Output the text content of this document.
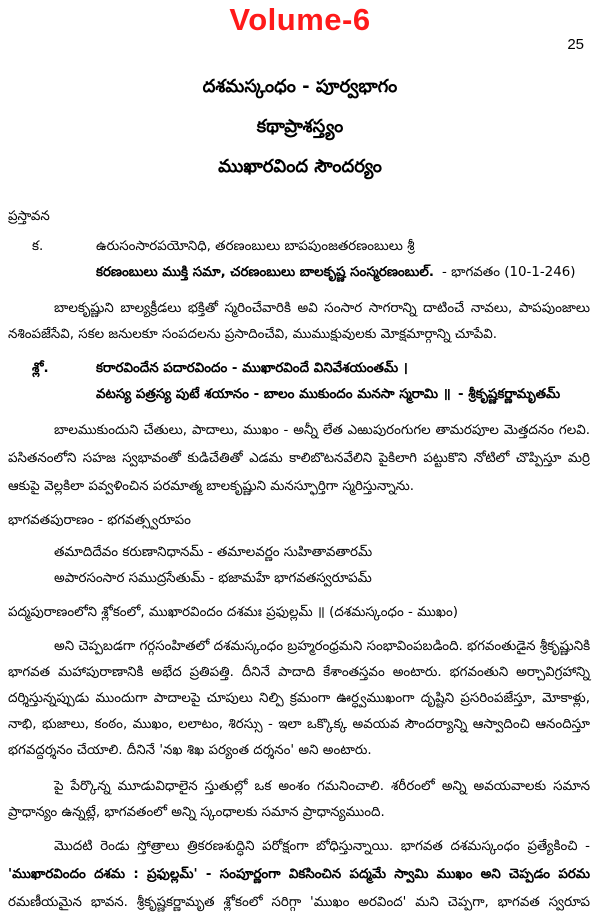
Volume-6
25
దశమస్కంధం - పూర్వభాగం
కథాప్రాశస్త్యం
ముఖారవింద సౌందర్యం
ప్రస్తావన
క.	ఉరుసంసారపయోనిధి, తరణంబులు బాపపుంజతరణంబులు శ్రీ
కరణంబులు ముక్తి సమా, చరణంబులు బాలకృష్ణ సంస్మరణంబుల్. - భాగవతం (10-1-246)
బాలకృష్ణుని బాల్యక్రీడలు భక్తితో స్మరించేవారికి అవి సంసార సాగరాన్ని దాటించే నావలు, పాపపుంజాలు
నశింపజేసేవి, సకల జనులకూ సంపదలను ప్రసాదించేవి, ముముక్షువులకు మోక్షమార్గాన్ని చూపేవి.
శ్లో.	కరారవిందేన పదారవిందం - ముఖారవిందే వినివేశయంతమ్ ।
వటస్య పత్రస్య పుటే శయానం - బాలం ముకుందం మనసా స్మరామి ॥ - శ్రీకృష్ణకర్ణామృతమ్
బాలముకుందుని చేతులు, పాదాలు, ముఖం - అన్నీ లేత ఎఱుపురంగుగల తామరపూల మెత్తదనం గలవి.
పసితనంలోని సహజ స్వభావంతో కుడిచేతితో ఎడమ కాలిబొటనవేలిని పైకిలాగి పట్టుకొని నోటిలో చొప్పిస్తూ మర్రి
ఆకుపై వెల్లకిలా పవ్వళించిన పరమాత్మ బాలకృష్ణుని మనస్ఫూర్తిగా స్మరిస్తున్నాను.
భాగవతపురాణం - భగవత్స్వరూపం
తమాదిదేవం కరుణానిధానమ్ - తమాలవర్ణం సుహితావతారమ్
అపారసంసార సముద్రసేతుమ్ - భజామహే భాగవతస్వరూపమ్
పద్మపురాణంలోని శ్లోకంలో, ముఖారవిందం దశమః ప్రఫుల్లమ్ ॥ (దశమస్కంధం - ముఖం)
అని చెప్పబడగా గర్గసంహితలో దశమస్కంధం బ్రహ్మరంధ్రమని సంభావింపబడింది. భగవంతుడైన శ్రీకృష్ణునికి
భాగవత మహాపురాణానికి అభేద ప్రతిపత్తి. దీనినే పాదాది కేశాంతస్తవం అంటారు. భగవంతుని అర్చావిగ్రహాన్ని
దర్శిస్తున్నప్పుడు ముందుగా పాదాలపై చూపులు నిల్పి క్రమంగా ఊర్ధ్వముఖంగా దృష్టిని ప్రసరింపజేస్తూ, మోకాళ్లు,
నాభి, భుజాలు, కంఠం, ముఖం, లలాటం, శిరస్సు - ఇలా ఒక్కొక్క అవయవ సౌందర్యాన్ని ఆస్వాదించి ఆనందిస్తూ
భగవద్దర్శనం చేయాలి. దీనినే 'నఖ శిఖ పర్యంత దర్శనం' అని అంటారు.
పై పేర్కొన్న మూడువిధాలైన స్తుతుల్లో ఒక అంశం గమనించాలి. శరీరంలో అన్ని అవయవాలకు సమాన
ప్రాధాన్యం ఉన్నట్లే, భాగవతంలో అన్ని స్కంధాలకు సమాన ప్రాధాన్యముంది.
మొదటి రెండు స్తోత్రాలు త్రికరణశుద్ధిని పరోక్షంగా బోధిస్తున్నాయి. భాగవత దశమస్కంధం ప్రత్యేకించి -
'ముఖారవిందం దశమ : ప్రఫుల్లమ్' - సంపూర్ణంగా వికసించిన పద్మమే స్వామి ముఖం అని చెప్పడం పరమ
రమణీయమైన భావన. శ్రీకృష్ణకర్ణామృత శ్లోకంలో సరిగ్గా 'ముఖం అరవింద' మని చెప్పగా, భాగవత స్వరూప
